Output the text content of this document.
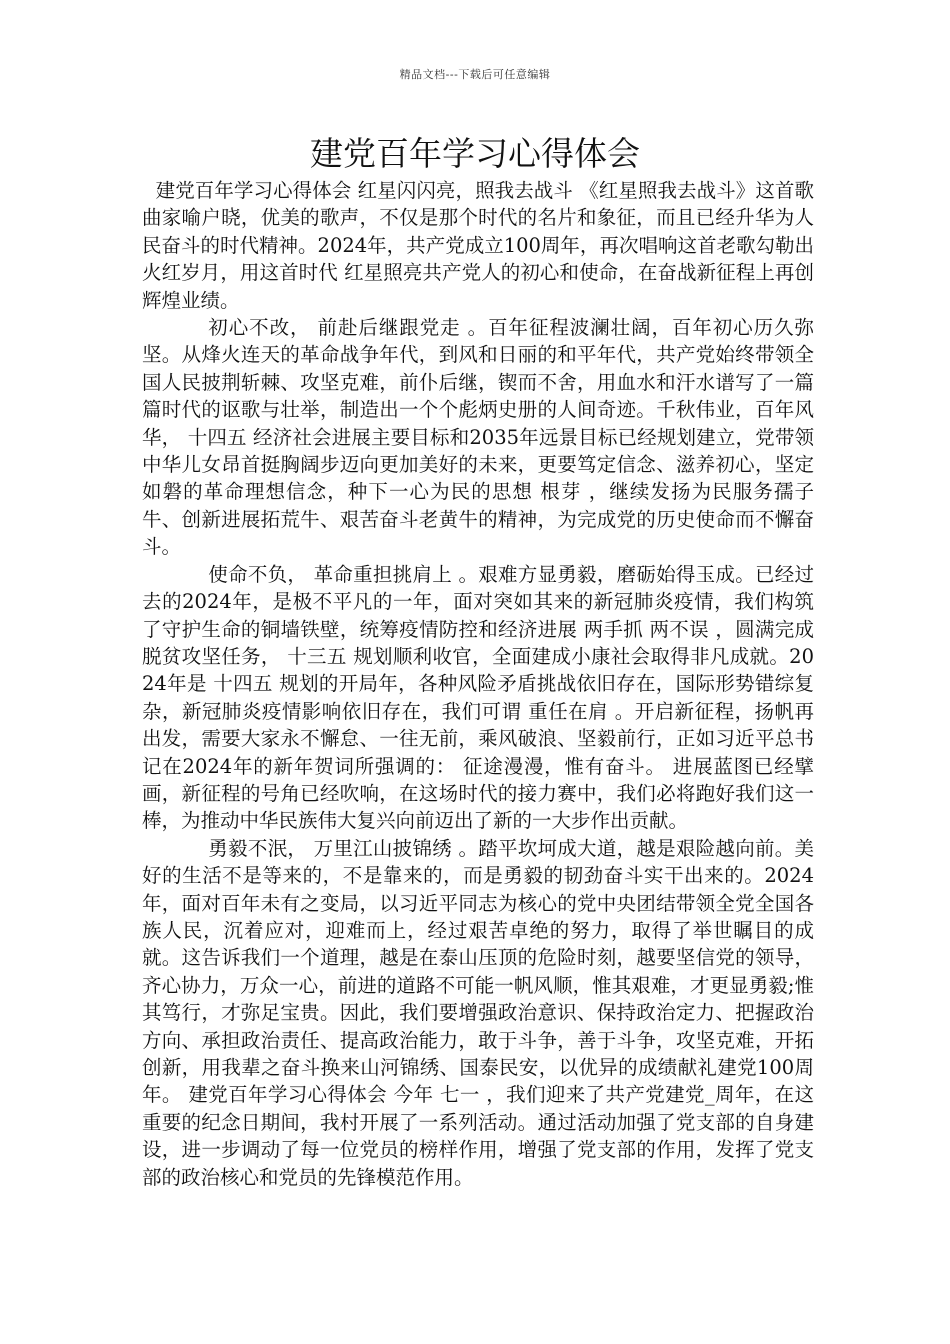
精品文档---下载后可任意编辑
建党百年学习心得体会

建党百年学习心得体会 红星闪闪亮，照我去战斗 《红星照我去战斗》这首歌曲家喻户晓，优美的歌声，不仅是那个时代的名片和象征，而且已经升华为人民奋斗的时代精神。2024年，共产党成立100周年，再次唱响这首老歌勾勒出火红岁月，用这首时代 红星照亮共产党人的初心和使命，在奋战新征程上再创辉煌业绩。

初心不改， 前赴后继跟党走 。百年征程波澜壮阔，百年初心历久弥坚。从烽火连天的革命战争年代，到风和日丽的和平年代，共产党始终带领全国人民披荆斩棘、攻坚克难，前仆后继，锲而不舍，用血水和汗水谱写了一篇篇时代的讴歌与壮举，制造出一个个彪炳史册的人间奇迹。千秋伟业，百年风华， 十四五 经济社会进展主要目标和2035年远景目标已经规划建立，党带领中华儿女昂首挺胸阔步迈向更加美好的未来，更要笃定信念、滋养初心，坚定如磐的革命理想信念，种下一心为民的思想 根芽 ，继续发扬为民服务孺子牛、创新进展拓荒牛、艰苦奋斗老黄牛的精神，为完成党的历史使命而不懈奋斗。

使命不负， 革命重担挑肩上 。艰难方显勇毅，磨砺始得玉成。已经过去的2024年，是极不平凡的一年，面对突如其来的新冠肺炎疫情，我们构筑了守护生命的铜墙铁壁，统筹疫情防控和经济进展 两手抓 两不误 ，圆满完成脱贫攻坚任务， 十三五 规划顺利收官，全面建成小康社会取得非凡成就。2024年是 十四五 规划的开局年，各种风险矛盾挑战依旧存在，国际形势错综复杂，新冠肺炎疫情影响依旧存在，我们可谓 重任在肩 。开启新征程，扬帆再出发，需要大家永不懈怠、一往无前，乘风破浪、坚毅前行，正如习近平总书记在2024年的新年贺词所强调的： 征途漫漫，惟有奋斗。 进展蓝图已经擘画，新征程的号角已经吹响，在这场时代的接力赛中，我们必将跑好我们这一棒，为推动中华民族伟大复兴向前迈出了新的一大步作出贡献。

勇毅不泯， 万里江山披锦绣 。踏平坎坷成大道，越是艰险越向前。美好的生活不是等来的，不是靠来的，而是勇毅的韧劲奋斗实干出来的。2024年，面对百年未有之变局，以习近平同志为核心的党中央团结带领全党全国各族人民，沉着应对，迎难而上，经过艰苦卓绝的努力，取得了举世瞩目的成就。这告诉我们一个道理，越是在泰山压顶的危险时刻，越要坚信党的领导，齐心协力，万众一心，前进的道路不可能一帆风顺，惟其艰难，才更显勇毅;惟其笃行，才弥足宝贵。因此，我们要增强政治意识、保持政治定力、把握政治方向、承担政治责任、提高政治能力，敢于斗争，善于斗争，攻坚克难，开拓创新，用我辈之奋斗换来山河锦绣、国泰民安，以优异的成绩献礼建党100周年。 建党百年学习心得体会 今年 七一 ，我们迎来了共产党建党_周年，在这重要的纪念日期间，我村开展了一系列活动。通过活动加强了党支部的自身建设，进一步调动了每一位党员的榜样作用，增强了党支部的作用，发挥了党支部的政治核心和党员的先锋模范作用。
